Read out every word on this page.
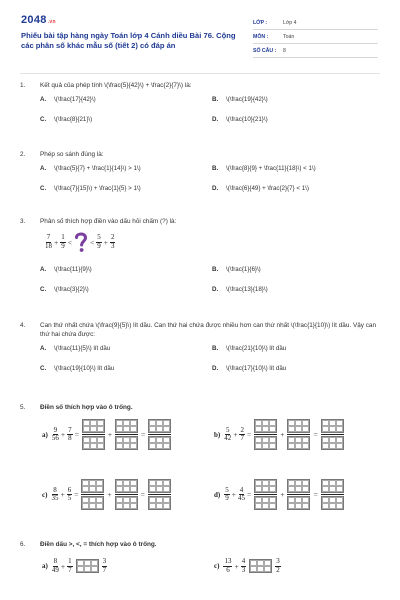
2048.vn
Phiếu bài tập hàng ngày Toán lớp 4 Cánh diều Bài 76. Cộng các phân số khác mẫu số (tiết 2) có đáp án
LỚP :	Lớp 4
MÔN :	Toán
SỐ CÂU :	8
1.	Kết quả của phép tính \(\frac{5}{42}\) + \frac{2}{7}\) là:
A. \(\frac{17}{42}\)	B. \(\frac{19}{42}\)
C. \(\frac{8}{21}\)	D. \(\frac{10}{21}\)
2.	Phép so sánh đúng là:
A. \(\frac{5}{7} + \frac{1}{14}\) > 1\)	B. \(\frac{8}{9} + \frac{11}{18}\) < 1\)
C. \(\frac{7}{15}\) + \frac{1}{5} > 1\)	D. \(\frac{6}{49} + \frac{2}{7} < 1\)
3.	Phân số thích hợp điền vào dấu hỏi chấm (?) là:
$\frac{7}{18} + \frac{1}{9}$ < < $\frac{5}{9} + \frac{2}{3}$
A. \(\frac{11}{9}\)	B. \(\frac{1}{6}\)
C. \(\frac{3}{2}\)	D. \(\frac{13}{18}\)
4.	Can thứ nhất chứa \(\frac{9}{5}\) lít dầu. Can thứ hai chứa được nhiều hơn can thứ nhất \(\frac{1}{10}\) lít dầu. Vậy can thứ hai chứa được:
A. \(\frac{11}{5}\) lít dầu	B. \(\frac{21}{10}\) lít dầu
C. \(\frac{19}{10}\) lít dầu	D. \(\frac{17}{10}\) lít dầu
5.	Điền số thích hợp vào ô trống.
$a) \frac{9}{56} + \frac{7}{8}$ =	+	=	$b) \frac{5}{42} + \frac{2}{7}$ =	+	=
$c) \frac{8}{35} + \frac{6}{5}$ =	+	=	$d) \frac{5}{9} + \frac{4}{45}$ =	+	=
6.	Điền dấu >, <, = thích hợp vào ô trống.
$a) \frac{8}{49} + \frac{1}{7}$	$\frac{3}{7}$	$c) \frac{13}{6} + \frac{4}{3}$	$\frac{3}{2}$
